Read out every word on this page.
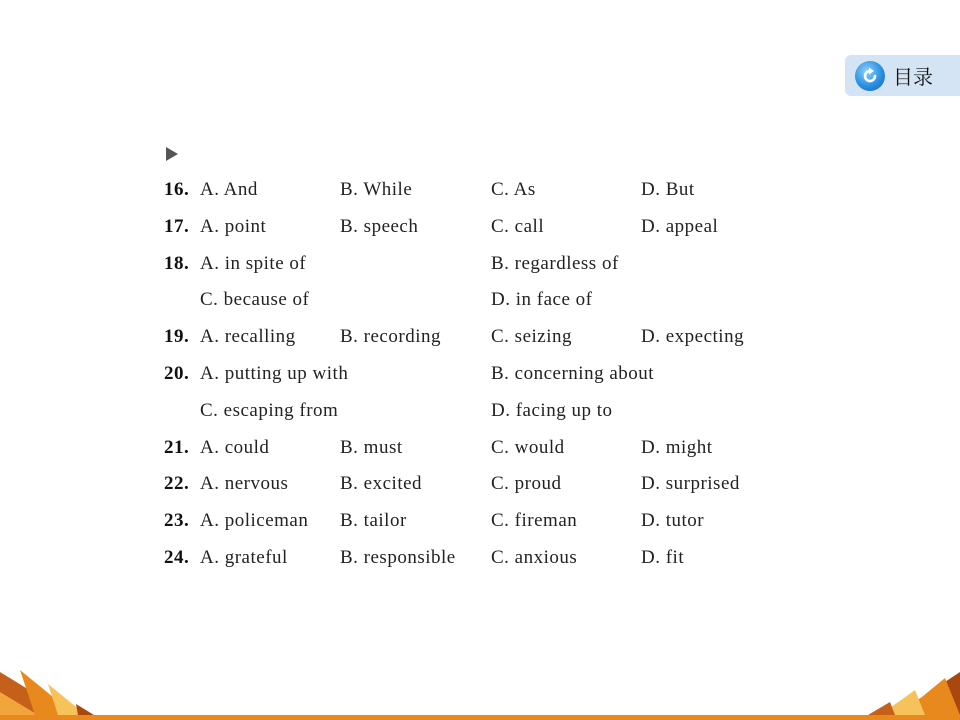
目录
16. A. And	B. While	C. As	D. But
17. A. point	B. speech	C. call	D. appeal
18. A. in spite of	B. regardless of
C. because of	D. in face of
19. A. recalling B. recording	C. seizing	D. expecting
20. A. putting up with	B. concerning about
C. escaping from	D. facing up to
21. A. could	B. must	C. would	D. might
22. A. nervous	B. excited	C. proud	D. surprised
23. A. policeman B. tailor	C. fireman	D. tutor
24. A. grateful	B. responsible C. anxious	D. fit
